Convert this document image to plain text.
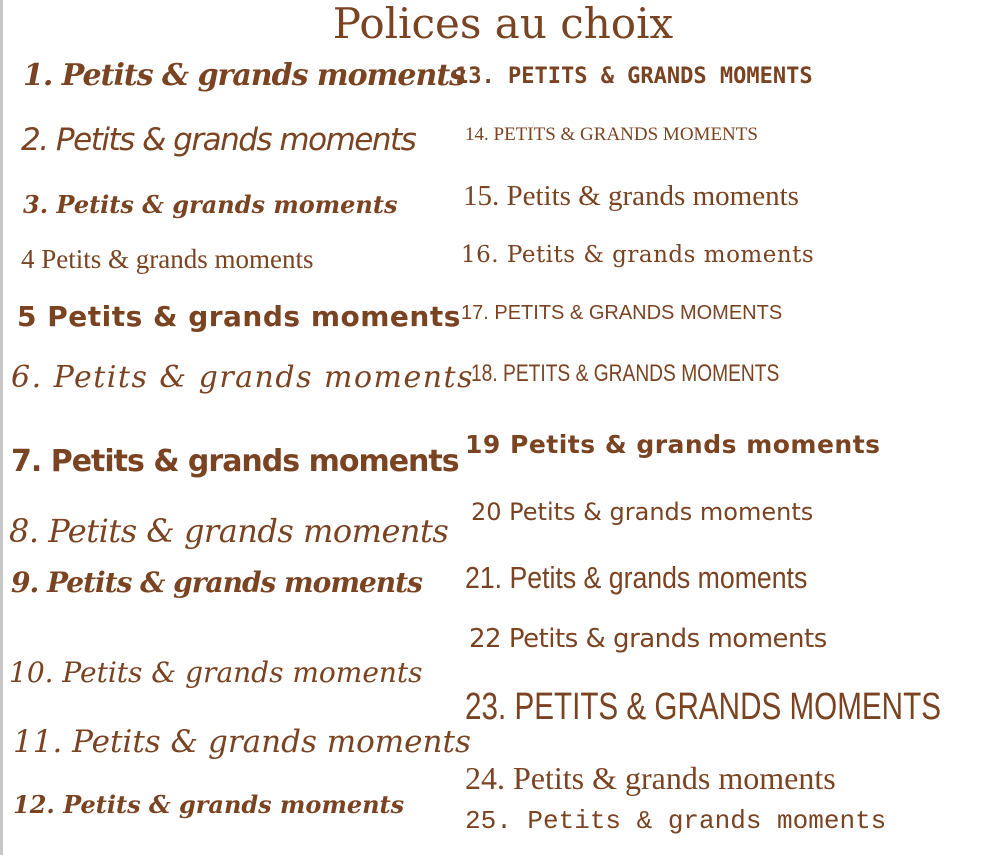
Polices au choix
1. Petits & grands moments
2. Petits & grands moments
3. Petits & grands moments
4 Petits & grands moments
5 Petits & grands moments
6. Petits & grands moments
7. Petits & grands moments
8. Petits & grands moments
9. Petits & grands moments
10. Petits & grands moments
11. Petits & grands moments
12. Petits & grands moments
13. PETITS & GRANDS MOMENTS
14. PETITS & GRANDS MOMENTS
15. Petits & grands moments
16. Petits & grands moments
17. PETITS & GRANDS MOMENTS
18. PETITS & GRANDS MOMENTS
19 Petits & grands moments
20 Petits & grands moments
21. Petits & grands moments
22 Petits & grands moments
23. PETITS & GRANDS MOMENTS
24. Petits & grands moments
25. Petits & grands moments
